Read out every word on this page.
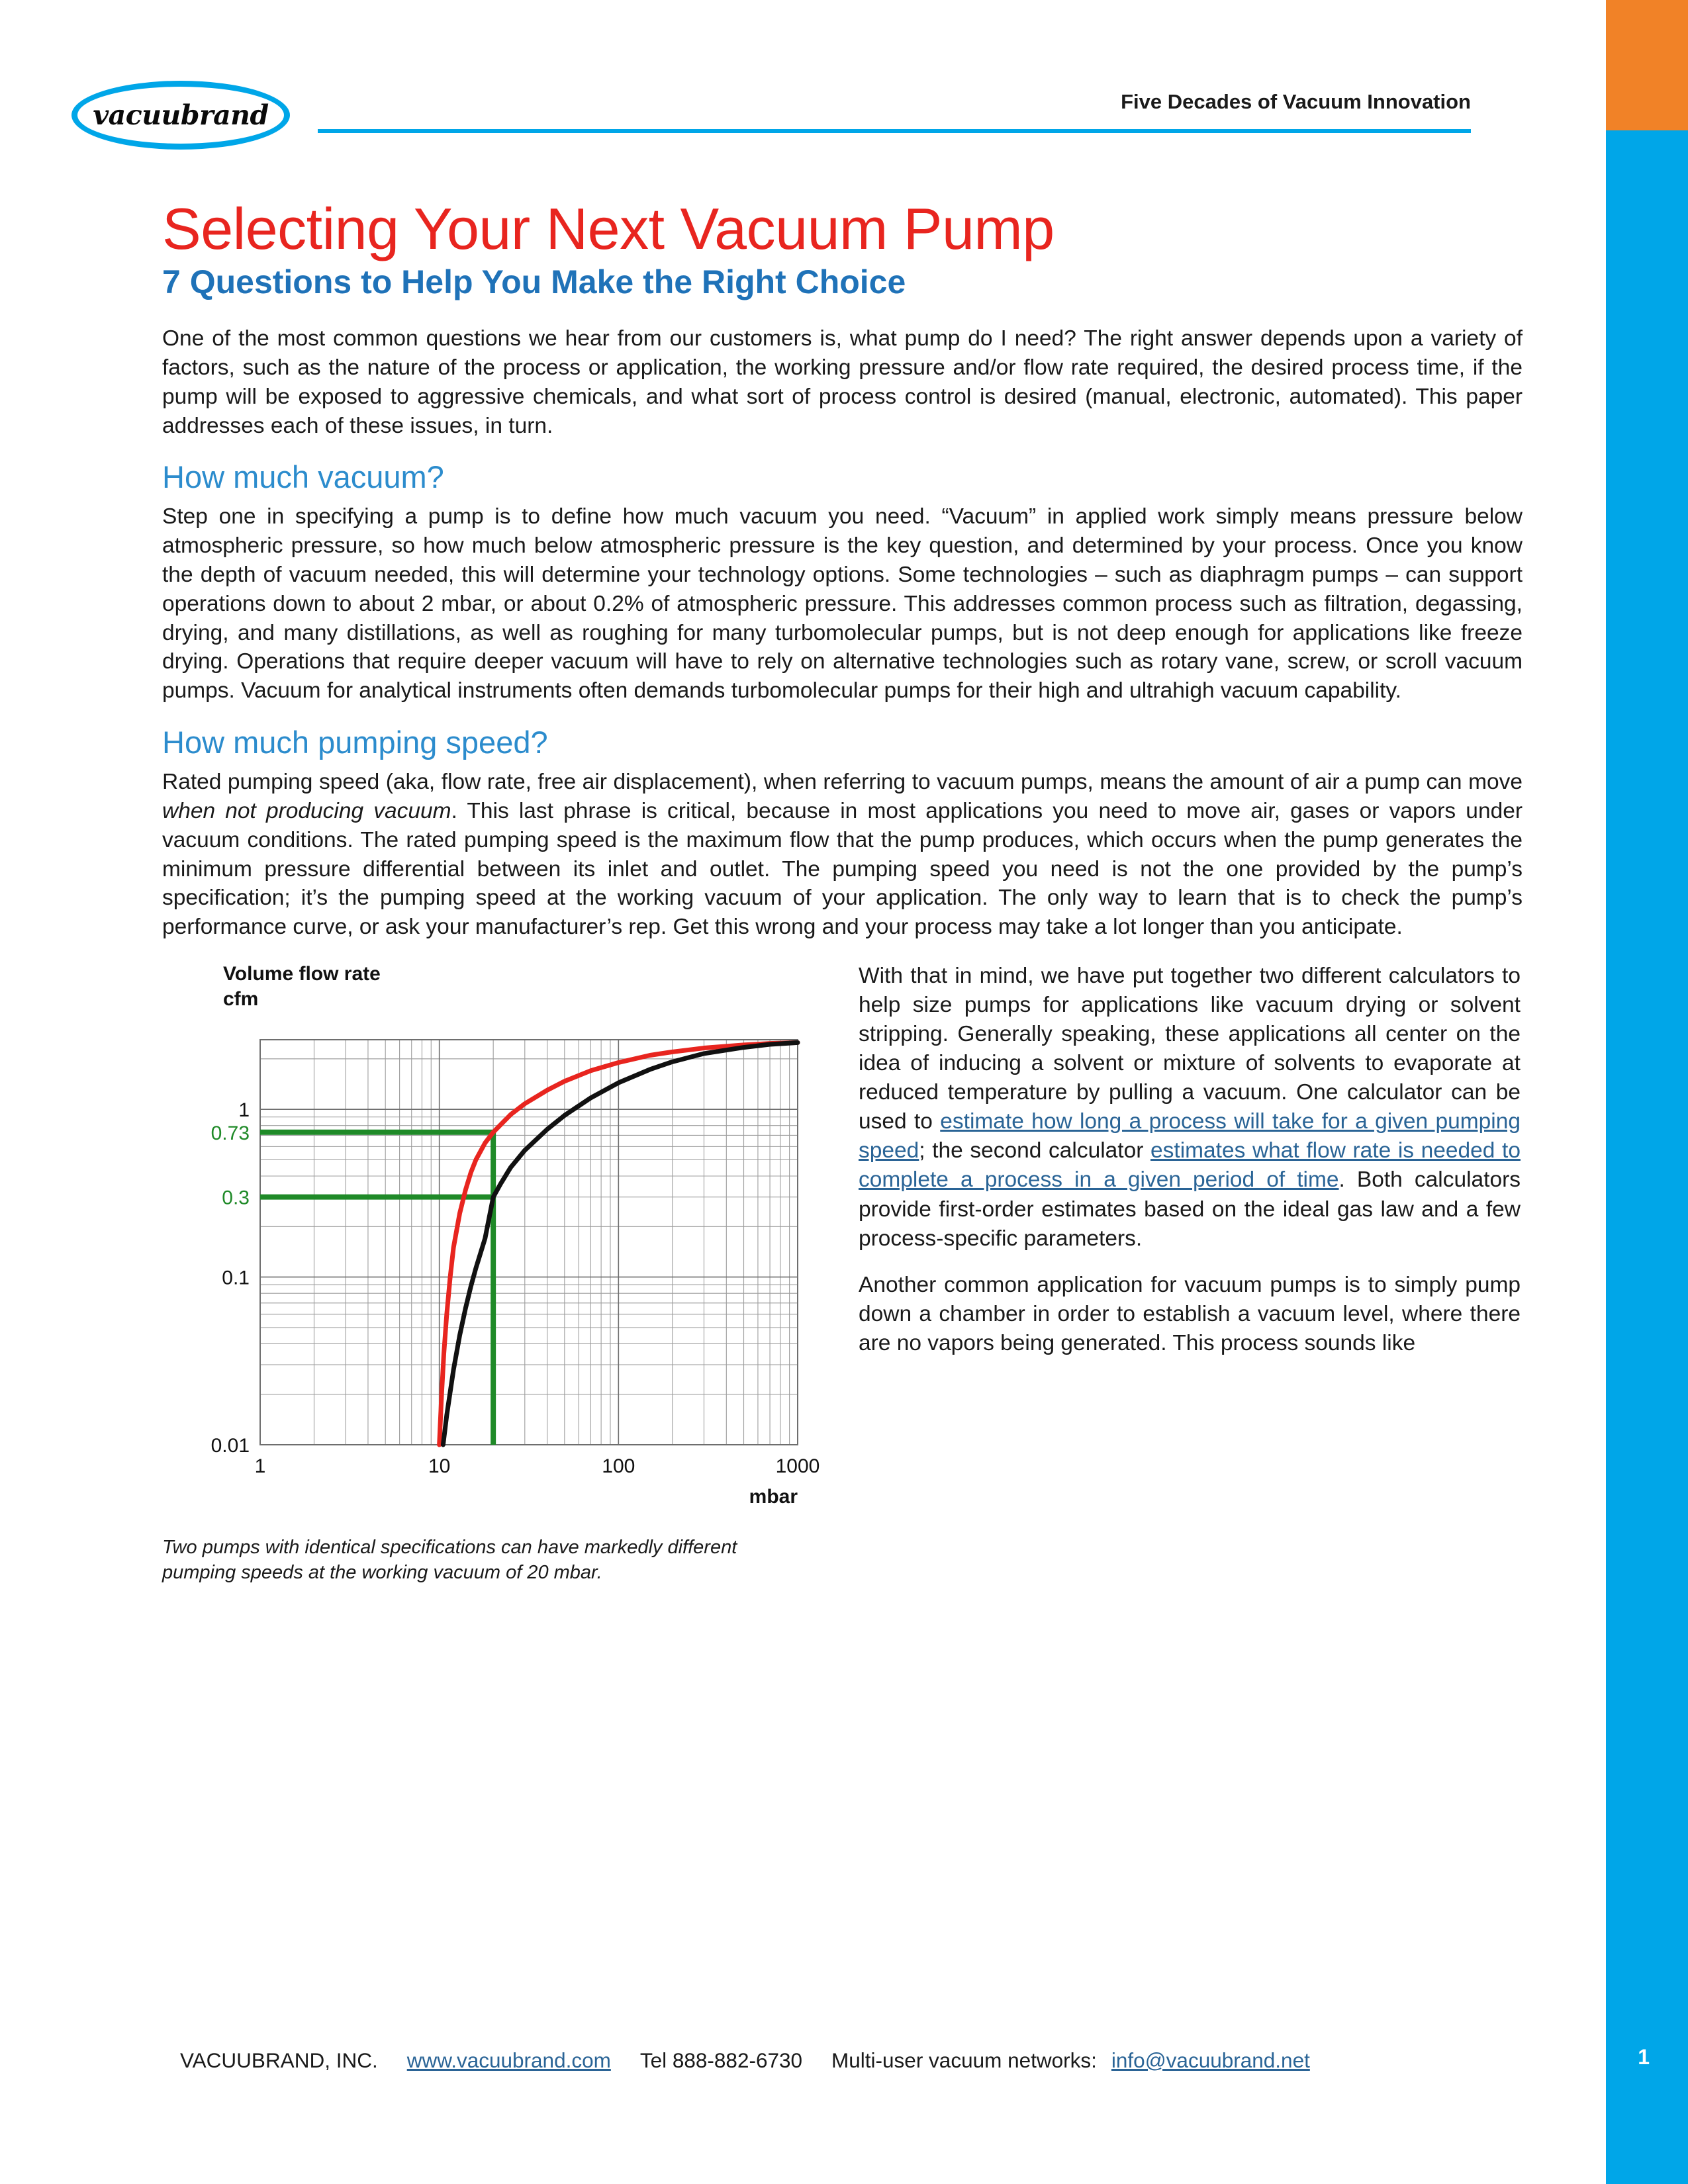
1
vacuubrand	Five Decades of Vacuum Innovation
Selecting Your Next Vacuum Pump
7 Questions to Help You Make the Right Choice

One of the most common questions we hear from our customers is, what pump do I need? The right answer depends upon a variety of factors, such as the nature of the process or application, the working pressure and/or flow rate required, the desired process time, if the pump will be exposed to aggressive chemicals, and what sort of process control is desired (manual, electronic, automated). This paper addresses each of these issues, in turn.

How much vacuum?

Step one in specifying a pump is to define how much vacuum you need. “Vacuum” in applied work simply means pressure below atmospheric pressure, so how much below atmospheric pressure is the key question, and determined by your process. Once you know the depth of vacuum needed, this will determine your technology options. Some technologies – such as diaphragm pumps – can support operations down to about 2 mbar, or about 0.2% of atmospheric pressure. This addresses common process such as filtration, degassing, drying, and many distillations, as well as roughing for many turbomolecular pumps, but is not deep enough for applications like freeze drying. Operations that require deeper vacuum will have to rely on alternative technologies such as rotary vane, screw, or scroll vacuum pumps. Vacuum for analytical instruments often demands turbomolecular pumps for their high and ultrahigh vacuum capability.

How much pumping speed?

Rated pumping speed (aka, flow rate, free air displacement), when referring to vacuum pumps, means the amount of air a pump can move when not producing vacuum. This last phrase is critical, because in most applications you need to move air, gases or vapors under vacuum conditions. The rated pumping speed is the maximum flow that the pump produces, which occurs when the pump generates the minimum pressure differential between its inlet and outlet. The pumping speed you need is not the one provided by the pump’s specification; it’s the pumping speed at the working vacuum of your application. The only way to learn that is to check the pump’s performance curve, or ask your manufacturer’s rep. Get this wrong and your process may take a lot longer than you anticipate.

Volume flow rate
cfm
1	10	100	1000
0.01
0.1
0.3
0.73
1
mbar
Two pumps with identical specifications can have markedly different pumping speeds at the working vacuum of 20 mbar.

With that in mind, we have put together two different calculators to help size pumps for applications like vacuum drying or solvent stripping. Generally speaking, these applications all center on the idea of inducing a solvent or mixture of solvents to evaporate at reduced temperature by pulling a vacuum. One calculator can be used to estimate how long a process will take for a given pumping speed; the second calculator estimates what flow rate is needed to complete a process in a given period of time. Both calculators provide first-order estimates based on the ideal gas law and a few process-specific parameters.

Another common application for vacuum pumps is to simply pump down a chamber in order to establish a vacuum level, where there are no vapors being generated. This process sounds like

VACUUBRAND, INC. www.vacuubrand.com Tel 888-882-6730 Multi-user vacuum networks: info@vacuubrand.net
